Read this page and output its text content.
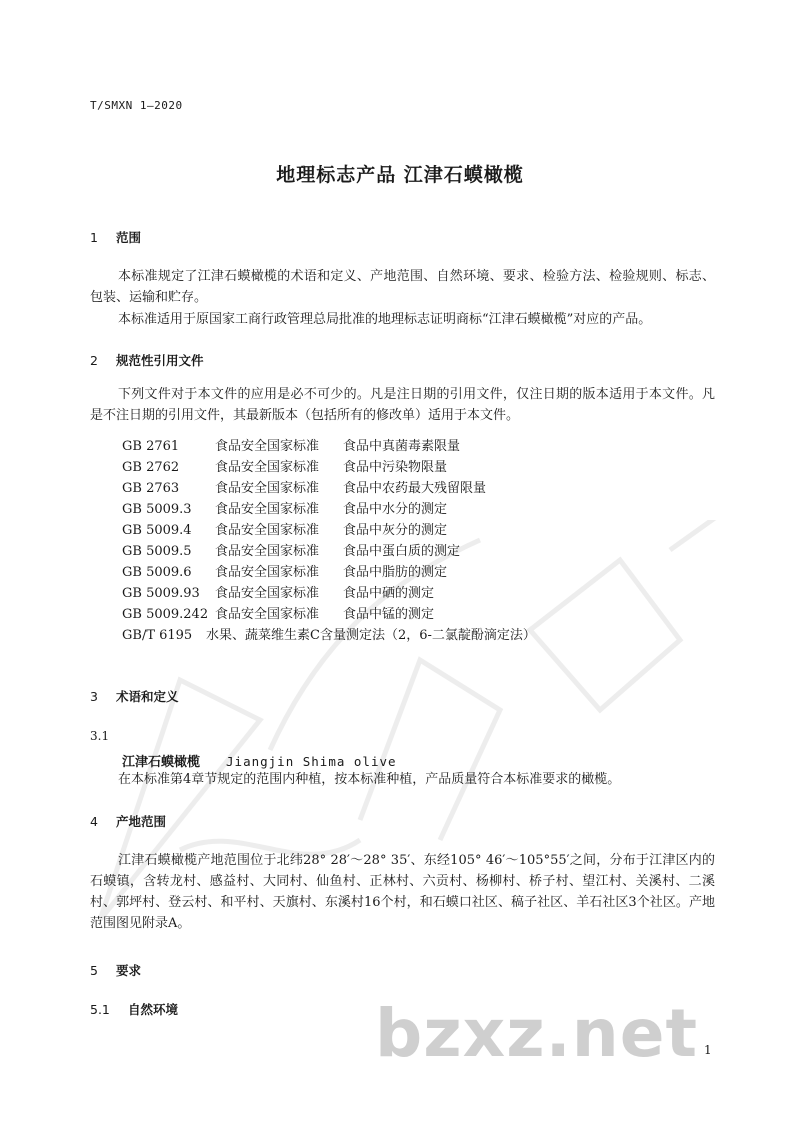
T/SMXN 1—2020
地理标志产品 江津石蟆橄榄
1 范围
本标准规定了江津石蟆橄榄的术语和定义、产地范围、自然环境、要求、检验方法、检验规则、标志、包装、运输和贮存。
本标准适用于原国家工商行政管理总局批准的地理标志证明商标“江津石蟆橄榄”对应的产品。
2 规范性引用文件
下列文件对于本文件的应用是必不可少的。凡是注日期的引用文件，仅注日期的版本适用于本文件。凡是不注日期的引用文件，其最新版本（包括所有的修改单）适用于本文件。
GB 2761	食品安全国家标准 食品中真菌毒素限量
GB 2762	食品安全国家标准 食品中污染物限量
GB 2763	食品安全国家标准 食品中农药最大残留限量
GB 5009.3 食品安全国家标准 食品中水分的测定
GB 5009.4 食品安全国家标准 食品中灰分的测定
GB 5009.5 食品安全国家标准 食品中蛋白质的测定
GB 5009.6 食品安全国家标准 食品中脂肪的测定
GB 5009.93 食品安全国家标准 食品中硒的测定
GB 5009.242 食品安全国家标准 食品中锰的测定
GB/T 6195 水果、蔬菜维生素C含量测定法（2，6-二氯靛酚滴定法）
3 术语和定义
3.1
江津石蟆橄榄 Jiangjin Shima olive
在本标准第4章节规定的范围内种植，按本标准种植，产品质量符合本标准要求的橄榄。
4 产地范围
江津石蟆橄榄产地范围位于北纬28° 28′～28° 35′、东经105° 46′～105°55′之间，分布于江津区内的石蟆镇，含转龙村、感益村、大同村、仙鱼村、正林村、六贡村、杨柳村、桥子村、望江村、关溪村、二溪村、郭坪村、登云村、和平村、天旗村、东溪村16个村，和石蟆口社区、稿子社区、羊石社区3个社区。产地范围图见附录A。
5 要求
5.1 自然环境	bzxz.net 1
